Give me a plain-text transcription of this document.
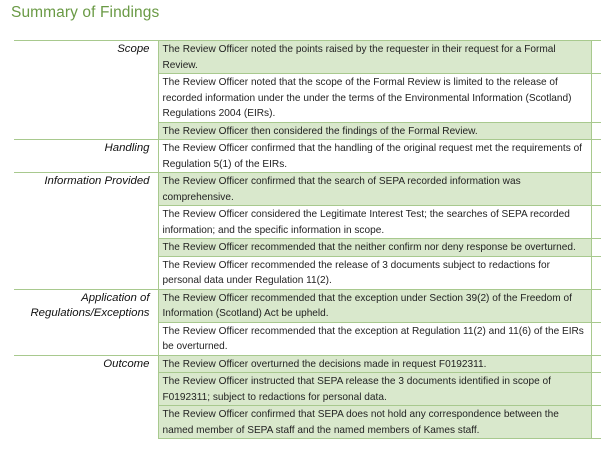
Summary of Findings
Scope	The Review Officer noted the points raised by the requester in their request for a Formal Review.	
	The Review Officer noted that the scope of the Formal Review is limited to the release of recorded information under the under the terms of the Environmental Information (Scotland) Regulations 2004 (EIRs).	
	The Review Officer then considered the findings of the Formal Review.	
Handling	The Review Officer confirmed that the handling of the original request met the requirements of Regulation 5(1) of the EIRs.	
Information Provided	The Review Officer confirmed that the search of SEPA recorded information was comprehensive.	
	The Review Officer considered the Legitimate Interest Test; the searches of SEPA recorded information; and the specific information in scope.	
	The Review Officer recommended that the neither confirm nor deny response be overturned.	
	The Review Officer recommended the release of 3 documents subject to redactions for personal data under Regulation 11(2).	
Application of Regulations/Exceptions	The Review Officer recommended that the exception under Section 39(2) of the Freedom of Information (Scotland) Act be upheld.	
	The Review Officer recommended that the exception at Regulation 11(2) and 11(6) of the EIRs be overturned.	
Outcome	The Review Officer overturned the decisions made in request F0192311.	
	The Review Officer instructed that SEPA release the 3 documents identified in scope of F0192311; subject to redactions for personal data.	
	The Review Officer confirmed that SEPA does not hold any correspondence between the named member of SEPA staff and the named members of Kames staff.	
